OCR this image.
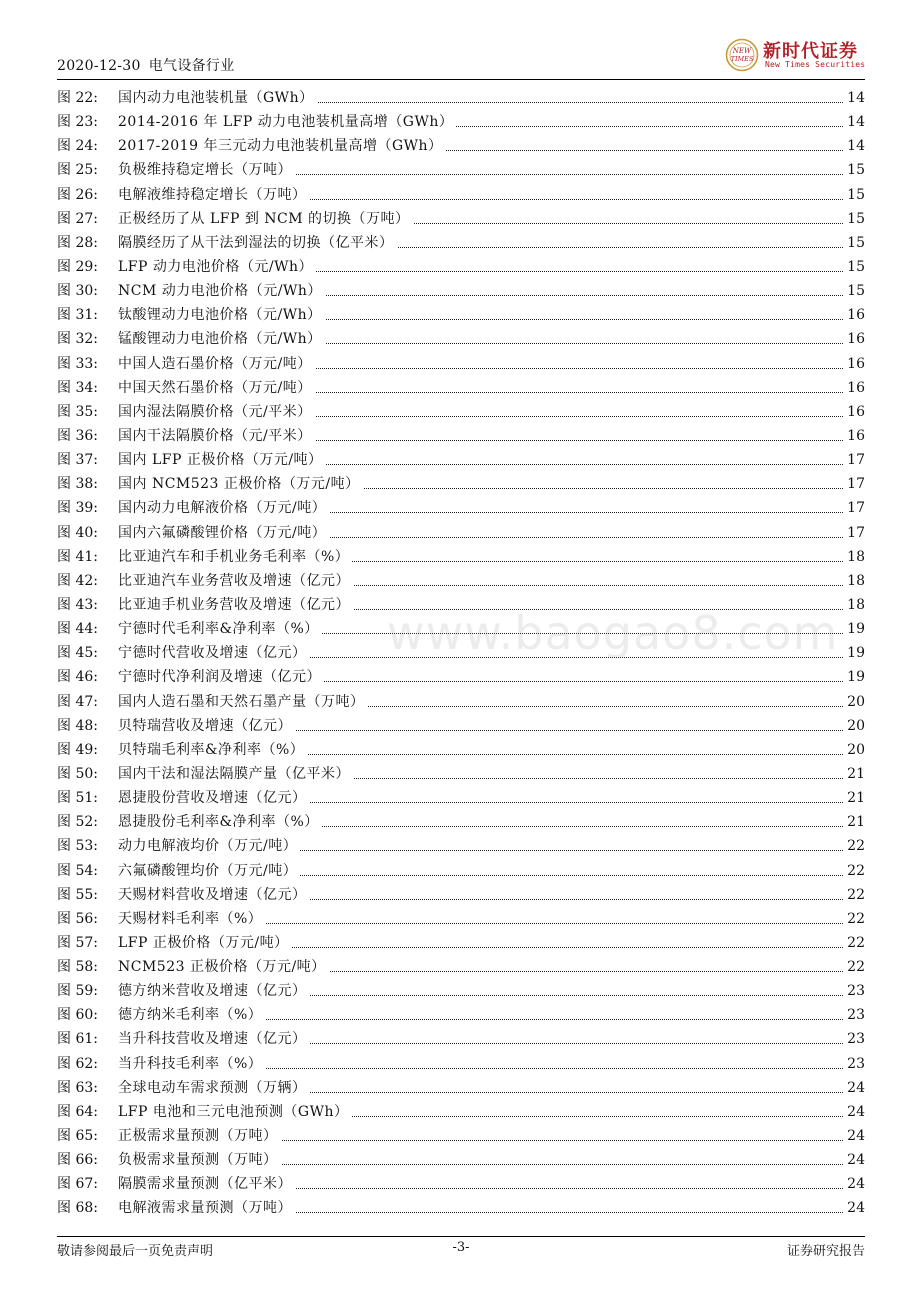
2020-12-30 电气设备行业
NEW
TIMES 新时代证券
New Times Securities
图 22:	国内动力电池装机量（GWh）	14
图 23:	2014-2016 年 LFP 动力电池装机量高增（GWh）	14
图 24:	2017-2019 年三元动力电池装机量高增（GWh）	14
图 25:	负极维持稳定增长（万吨）	15
图 26:	电解液维持稳定增长（万吨）	15
图 27:	正极经历了从 LFP 到 NCM 的切换（万吨）	15
图 28:	隔膜经历了从干法到湿法的切换（亿平米）	15
图 29:	LFP 动力电池价格（元/Wh）	15
图 30:	NCM 动力电池价格（元/Wh）	15
图 31:	钛酸锂动力电池价格（元/Wh）	16
图 32:	锰酸锂动力电池价格（元/Wh）	16
图 33:	中国人造石墨价格（万元/吨）	16
图 34:	中国天然石墨价格（万元/吨）	16
图 35:	国内湿法隔膜价格（元/平米）	16
图 36:	国内干法隔膜价格（元/平米）	16
图 37:	国内 LFP 正极价格（万元/吨）	17
图 38:	国内 NCM523 正极价格（万元/吨）	17
图 39:	国内动力电解液价格（万元/吨）	17
图 40:	国内六氟磷酸锂价格（万元/吨）	17
图 41:	比亚迪汽车和手机业务毛利率（%）	18
图 42:	比亚迪汽车业务营收及增速（亿元）	18
图 43:	比亚迪手机业务营收及增速（亿元）	18
图 44:	宁德时代毛利率&净利率（%）	19
图 45:	宁德时代营收及增速（亿元）	19
图 46:	宁德时代净利润及增速（亿元）	19
图 47:	国内人造石墨和天然石墨产量（万吨）	20
图 48:	贝特瑞营收及增速（亿元）	20
图 49:	贝特瑞毛利率&净利率（%）	20
图 50:	国内干法和湿法隔膜产量（亿平米）	21
图 51:	恩捷股份营收及增速（亿元）	21
图 52:	恩捷股份毛利率&净利率（%）	21
图 53:	动力电解液均价（万元/吨）	22
图 54:	六氟磷酸锂均价（万元/吨）	22
图 55:	天赐材料营收及增速（亿元）	22
图 56:	天赐材料毛利率（%）	22
图 57:	LFP 正极价格（万元/吨）	22
图 58:	NCM523 正极价格（万元/吨）	22
图 59:	德方纳米营收及增速（亿元）	23
图 60:	德方纳米毛利率（%）	23
图 61:	当升科技营收及增速（亿元）	23
图 62:	当升科技毛利率（%）	23
图 63:	全球电动车需求预测（万辆）	24
图 64:	LFP 电池和三元电池预测（GWh）	24
图 65:	正极需求量预测（万吨）	24
图 66:	负极需求量预测（万吨）	24
图 67:	隔膜需求量预测（亿平米）	24
图 68:	电解液需求量预测（万吨）	24
www.baogao8.com
敬请参阅最后一页免责声明	-3-	证券研究报告
